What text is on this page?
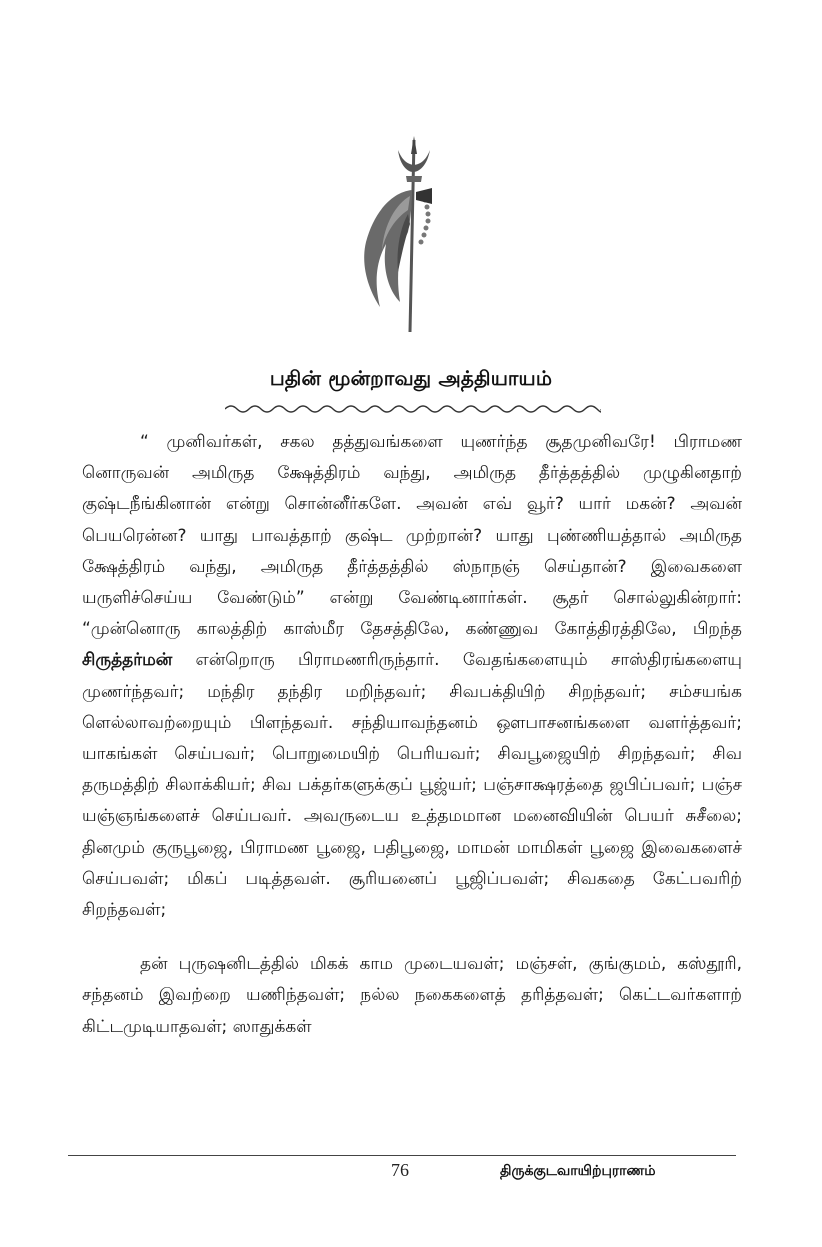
பதின் மூன்றாவது அத்தியாயம்

“ முனிவர்கள், சகல தத்துவங்களை யுணர்ந்த சூதமுனிவரே! பிராமண னொருவன் அமிருத க்ஷேத்திரம் வந்து, அமிருத தீர்த்தத்தில் முழுகினதாற் குஷ்டநீங்கினான் என்று சொன்னீர்களே. அவன் எவ் வூர்? யார் மகன்? அவன் பெயரென்ன? யாது பாவத்தாற் குஷ்ட முற்றான்? யாது புண்ணியத்தால் அமிருத க்ஷேத்திரம் வந்து, அமிருத தீர்த்தத்தில் ஸ்நாநஞ் செய்தான்? இவைகளை யருளிச்செய்ய வேண்டும்” என்று வேண்டினார்கள். சூதர் சொல்லுகின்றார்: “முன்னொரு காலத்திற் காஸ்மீர தேசத்திலே, கண்ணுவ கோத்திரத்திலே, பிறந்த சிருத்தர்மன் என்றொரு பிராமணரிருந்தார். வேதங்களையும் சாஸ்திரங்களையு முணர்ந்தவர்; மந்திர தந்திர மறிந்தவர்; சிவபக்தியிற் சிறந்தவர்; சம்சயங்க ளெல்லாவற்றையும் பிளந்தவர். சந்தியாவந்தனம் ஔபாசனங்களை வளர்த்தவர்; யாகங்கள் செய்பவர்; பொறுமையிற் பெரியவர்; சிவபூஜையிற் சிறந்தவர்; சிவ தருமத்திற் சிலாக்கியர்; சிவ பக்தர்களுக்குப் பூஜ்யர்; பஞ்சாக்ஷரத்தை ஜபிப்பவர்; பஞ்ச யஞ்ஞங்களைச் செய்பவர். அவருடைய உத்தமமான மனைவியின் பெயர் சுசீலை; தினமும் குருபூஜை, பிராமண பூஜை, பதிபூஜை, மாமன் மாமிகள் பூஜை இவைகளைச் செய்பவள்; மிகப் படித்தவள். சூரியனைப் பூஜிப்பவள்; சிவகதை கேட்பவரிற் சிறந்தவள்;

தன் புருஷனிடத்தில் மிகக் காம முடையவள்; மஞ்சள், குங்குமம், கஸ்தூரி, சந்தனம் இவற்றை யணிந்தவள்; நல்ல நகைகளைத் தரித்தவள்; கெட்டவர்களாற் கிட்டமுடியாதவள்; ஸாதுக்கள்

76	திருக்குடவாயிற்புராணம்
